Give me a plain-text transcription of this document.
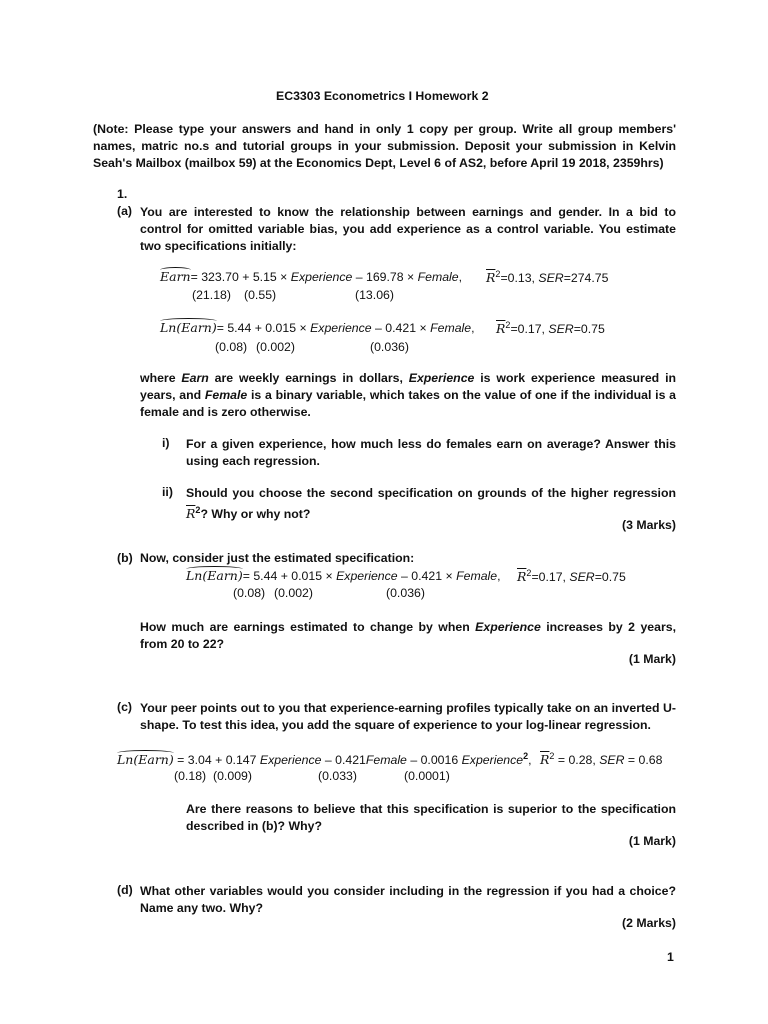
EC3303 Econometrics I Homework 2
(Note: Please type your answers and hand in only 1 copy per group. Write all group members' names, matric no.s and tutorial groups in your submission. Deposit your submission in Kelvin Seah's Mailbox (mailbox 59) at the Economics Dept, Level 6 of AS2, before April 19 2018, 2359hrs)
1.
(a) You are interested to know the relationship between earnings and gender. In a bid to control for omitted variable bias, you add experience as a control variable. You estimate two specifications initially:
Earn= 323.70 + 5.15 × Experience – 169.78 × Female, $\overline{R}^2=0.13$, SER=274.75
(21.18) (0.55)	(13.06)
Ln(Earn)= 5.44 + 0.015 × Experience – 0.421 × Female, $\overline{R}^2=0.17$, SER=0.75
(0.08) (0.002)	(0.036)
where Earn are weekly earnings in dollars, Experience is work experience measured in years, and Female is a binary variable, which takes on the value of one if the individual is a female and is zero otherwise.
i) For a given experience, how much less do females earn on average? Answer this using each regression.
ii) Should you choose the second specification on grounds of the higher regression $\overline{R}^2$? Why or why not?
(3 Marks)
(b) Now, consider just the estimated specification:
Ln(Earn)= 5.44 + 0.015 × Experience – 0.421 × Female, $\overline{R}^2=0.17$, SER=0.75
(0.08) (0.002)	(0.036)
How much are earnings estimated to change by when Experience increases by 2 years, from 20 to 22?
(1 Mark)
(c) Your peer points out to you that experience-earning profiles typically take on an inverted U-shape. To test this idea, you add the square of experience to your log-linear regression.
Ln(Earn) = 3.04 + 0.147 Experience – 0.421Female – 0.0016 Experience$^2$, $\overline{R}^2 = 0.28$, SER = 0.68
(0.18) (0.009)	(0.033)	(0.0001)
Are there reasons to believe that this specification is superior to the specification described in (b)? Why?
(1 Mark)
(d) What other variables would you consider including in the regression if you had a choice? Name any two. Why?
(2 Marks)
1
